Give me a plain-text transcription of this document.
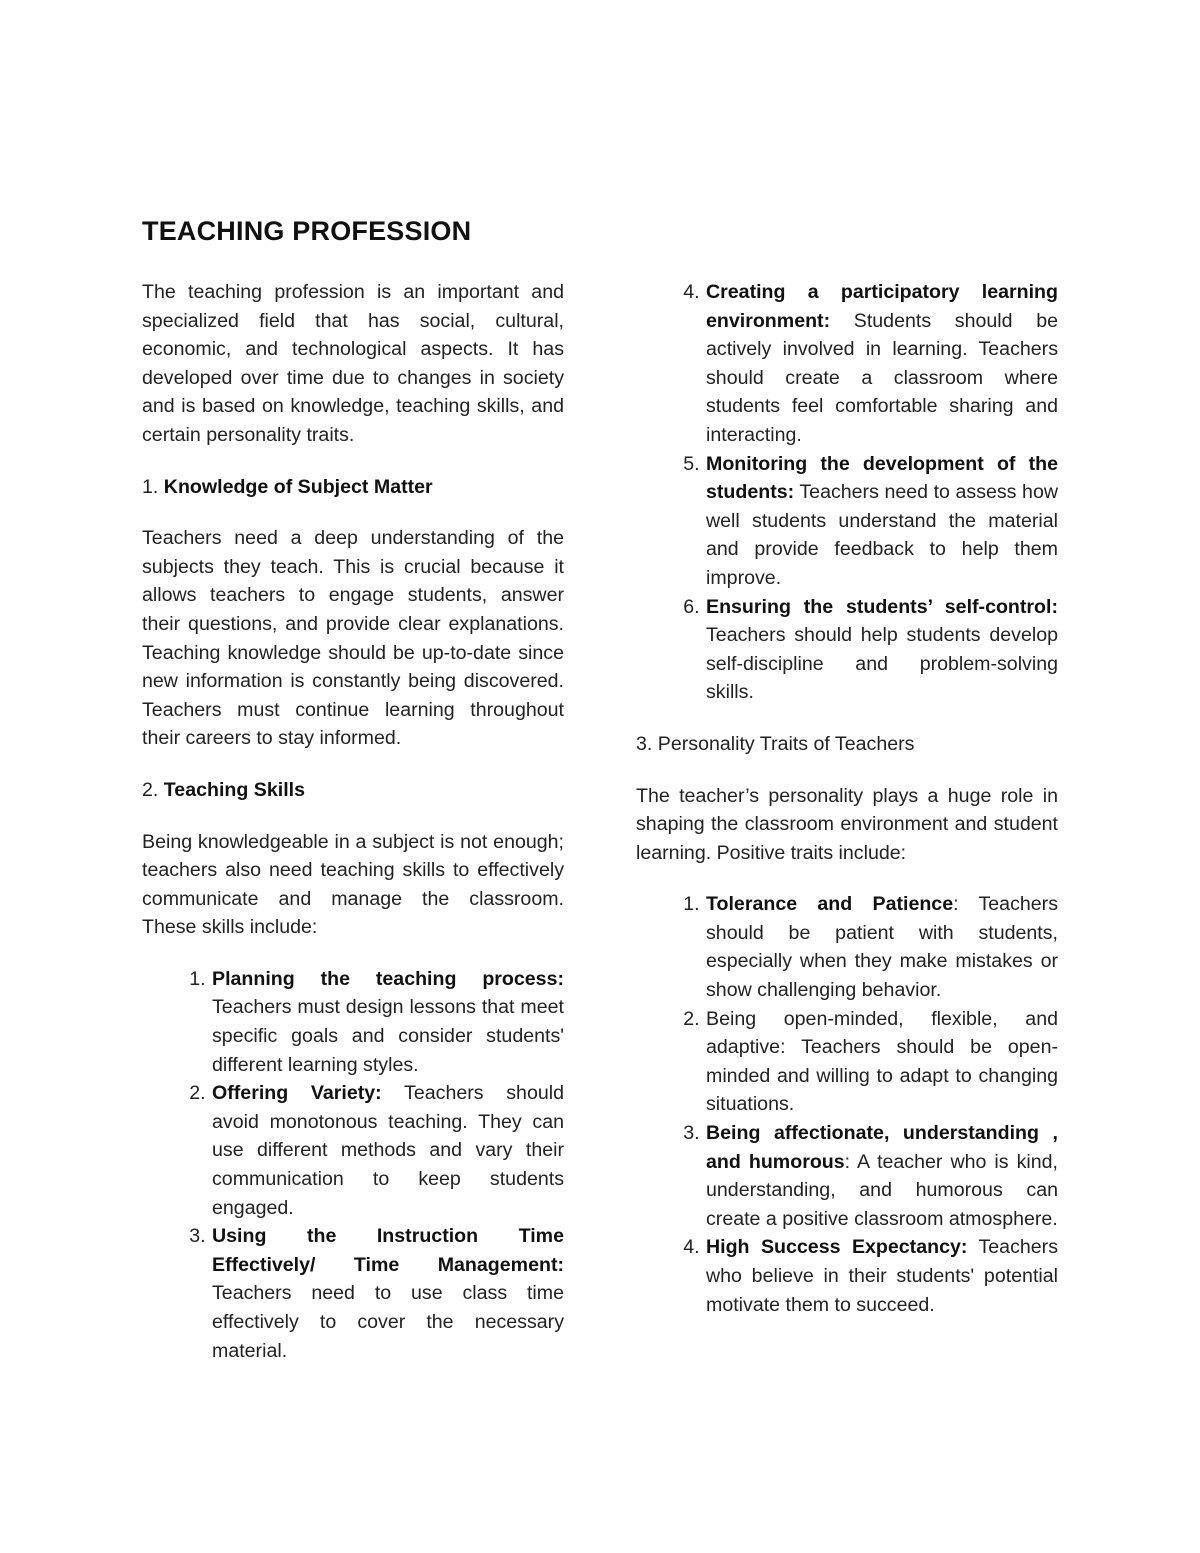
TEACHING PROFESSION

The teaching profession is an important and specialized field that has social, cultural, economic, and technological aspects. It has developed over time due to changes in society and is based on knowledge, teaching skills, and certain personality traits.

1. Knowledge of Subject Matter

Teachers need a deep understanding of the subjects they teach. This is crucial because it allows teachers to engage students, answer their questions, and provide clear explanations. Teaching knowledge should be up-to-date since new information is constantly being discovered. Teachers must continue learning throughout their careers to stay informed.

2. Teaching Skills

Being knowledgeable in a subject is not enough; teachers also need teaching skills to effectively communicate and manage the classroom. These skills include:

1. Planning the teaching process: Teachers must design lessons that meet specific goals and consider students' different learning styles.
2. Offering Variety: Teachers should avoid monotonous teaching. They can use different methods and vary their communication to keep students engaged.
3. Using the Instruction Time Effectively/ Time Management: Teachers need to use class time effectively to cover the necessary material.
4. Creating a participatory learning environment: Students should be actively involved in learning. Teachers should create a classroom where students feel comfortable sharing and interacting.
5. Monitoring the development of the students: Teachers need to assess how well students understand the material and provide feedback to help them improve.
6. Ensuring the students’ self-control: Teachers should help students develop self-discipline and problem-solving skills.

3. Personality Traits of Teachers

The teacher’s personality plays a huge role in shaping the classroom environment and student learning. Positive traits include:

1. Tolerance and Patience: Teachers should be patient with students, especially when they make mistakes or show challenging behavior.
2. Being open-minded, flexible, and adaptive: Teachers should be open-minded and willing to adapt to changing situations.
3. Being affectionate, understanding , and humorous: A teacher who is kind, understanding, and humorous can create a positive classroom atmosphere.
4. High Success Expectancy: Teachers who believe in their students' potential motivate them to succeed.
